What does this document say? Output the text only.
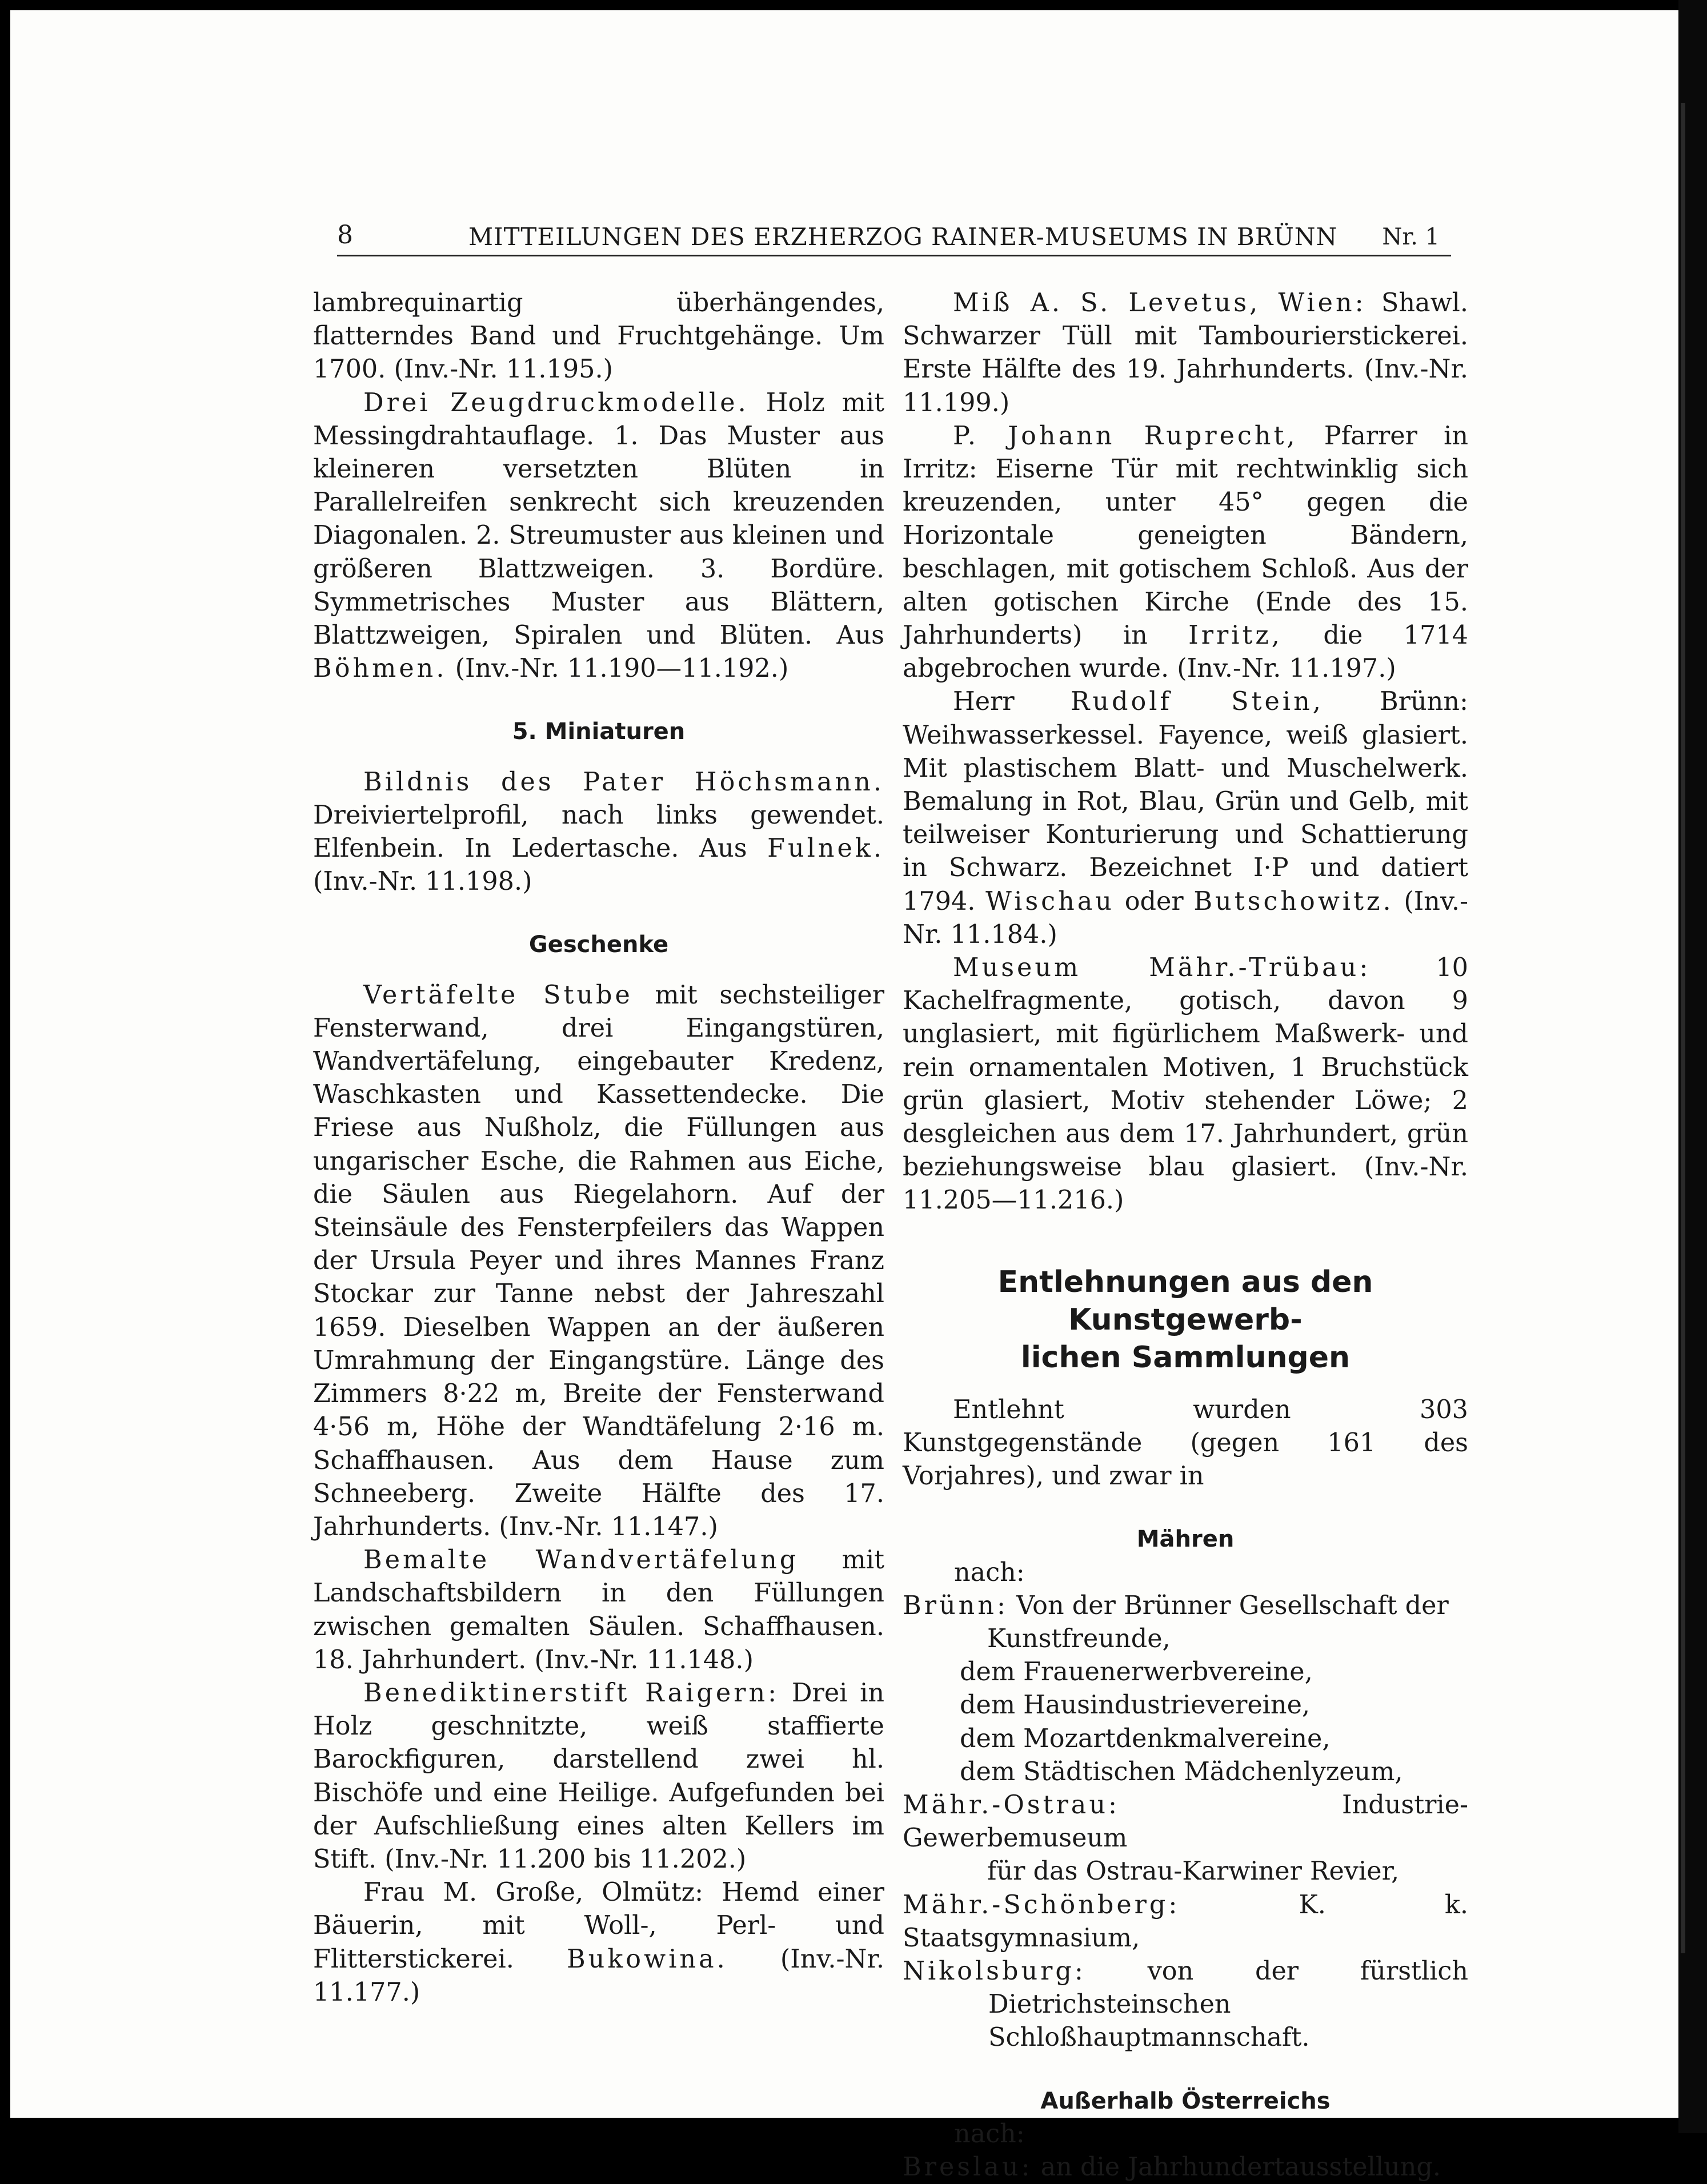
8	MITTEILUNGEN DES ERZHERZOG RAINER-MUSEUMS IN BRÜNN Nr. 1

lambrequinartig überhängendes, flatterndes Band und Fruchtgehänge. Um 1700. (Inv.-Nr. 11.195.)

Drei Zeugdruckmodelle. Holz mit Messingdrahtauflage. 1. Das Muster aus kleineren versetzten Blüten in Parallelreifen senkrecht sich kreuzenden Diagonalen. 2. Streumuster aus kleinen und größeren Blattzweigen. 3. Bordüre. Symmetrisches Muster aus Blättern, Blattzweigen, Spiralen und Blüten. Aus Böhmen. (Inv.-Nr. 11.190—11.192.)

5. Miniaturen

Bildnis des Pater Höchsmann. Dreiviertelprofil, nach links gewendet. Elfenbein. In Ledertasche. Aus Fulnek. (Inv.-Nr. 11.198.)

Geschenke

Vertäfelte Stube mit sechsteiliger Fensterwand, drei Eingangstüren, Wandvertäfelung, eingebauter Kredenz, Waschkasten und Kassettendecke. Die Friese aus Nußholz, die Füllungen aus ungarischer Esche, die Rahmen aus Eiche, die Säulen aus Riegelahorn. Auf der Steinsäule des Fensterpfeilers das Wappen der Ursula Peyer und ihres Mannes Franz Stockar zur Tanne nebst der Jahreszahl 1659. Dieselben Wappen an der äußeren Umrahmung der Eingangstüre. Länge des Zimmers 8·22 m, Breite der Fensterwand 4·56 m, Höhe der Wandtäfelung 2·16 m. Schaffhausen. Aus dem Hause zum Schneeberg. Zweite Hälfte des 17. Jahrhunderts. (Inv.-Nr. 11.147.)

Bemalte Wandvertäfelung mit Landschaftsbildern in den Füllungen zwischen gemalten Säulen. Schaffhausen. 18. Jahrhundert. (Inv.-Nr. 11.148.)

Benediktinerstift Raigern: Drei in Holz geschnitzte, weiß staffierte Barockfiguren, darstellend zwei hl. Bischöfe und eine Heilige. Aufgefunden bei der Aufschließung eines alten Kellers im Stift. (Inv.-Nr. 11.200 bis 11.202.)

Frau M. Große, Olmütz: Hemd einer Bäuerin, mit Woll-, Perl- und Flitterstickerei. Bukowina. (Inv.-Nr. 11.177.)

Miß A. S. Levetus, Wien: Shawl. Schwarzer Tüll mit Tambourierstickerei. Erste Hälfte des 19. Jahrhunderts. (Inv.-Nr. 11.199.)

P. Johann Ruprecht, Pfarrer in Irritz: Eiserne Tür mit rechtwinklig sich kreuzenden, unter 45° gegen die Horizontale geneigten Bändern, beschlagen, mit gotischem Schloß. Aus der alten gotischen Kirche (Ende des 15. Jahrhunderts) in Irritz, die 1714 abgebrochen wurde. (Inv.-Nr. 11.197.)

Herr Rudolf Stein, Brünn: Weihwasserkessel. Fayence, weiß glasiert. Mit plastischem Blatt- und Muschelwerk. Bemalung in Rot, Blau, Grün und Gelb, mit teilweiser Konturierung und Schattierung in Schwarz. Bezeichnet I·P und datiert 1794. Wischau oder Butschowitz. (Inv.-Nr. 11.184.)

Museum Mähr.-Trübau: 10 Kachelfragmente, gotisch, davon 9 unglasiert, mit figürlichem Maßwerk- und rein ornamentalen Motiven, 1 Bruchstück grün glasiert, Motiv stehender Löwe; 2 desgleichen aus dem 17. Jahrhundert, grün beziehungsweise blau glasiert. (Inv.-Nr. 11.205—11.216.)

Entlehnungen aus den Kunstgewerb-
lichen Sammlungen

Entlehnt wurden 303 Kunstgegenstände (gegen 161 des Vorjahres), und zwar in

Mähren

nach:

Brünn: Von der Brünner Gesellschaft der

Kunstfreunde,

dem Frauenerwerbvereine,

dem Hausindustrievereine,

dem Mozartdenkmalvereine,

dem Städtischen Mädchenlyzeum,

Mähr.-Ostrau: Industrie-Gewerbemuseum

für das Ostrau-Karwiner Revier,

Mähr.-Schönberg: K. k. Staatsgymnasium,

Nikolsburg: von der fürstlich Dietrichsteinschen Schloßhauptmannschaft.

Außerhalb Österreichs

nach:

Breslau: an die Jahrhundertausstellung.
